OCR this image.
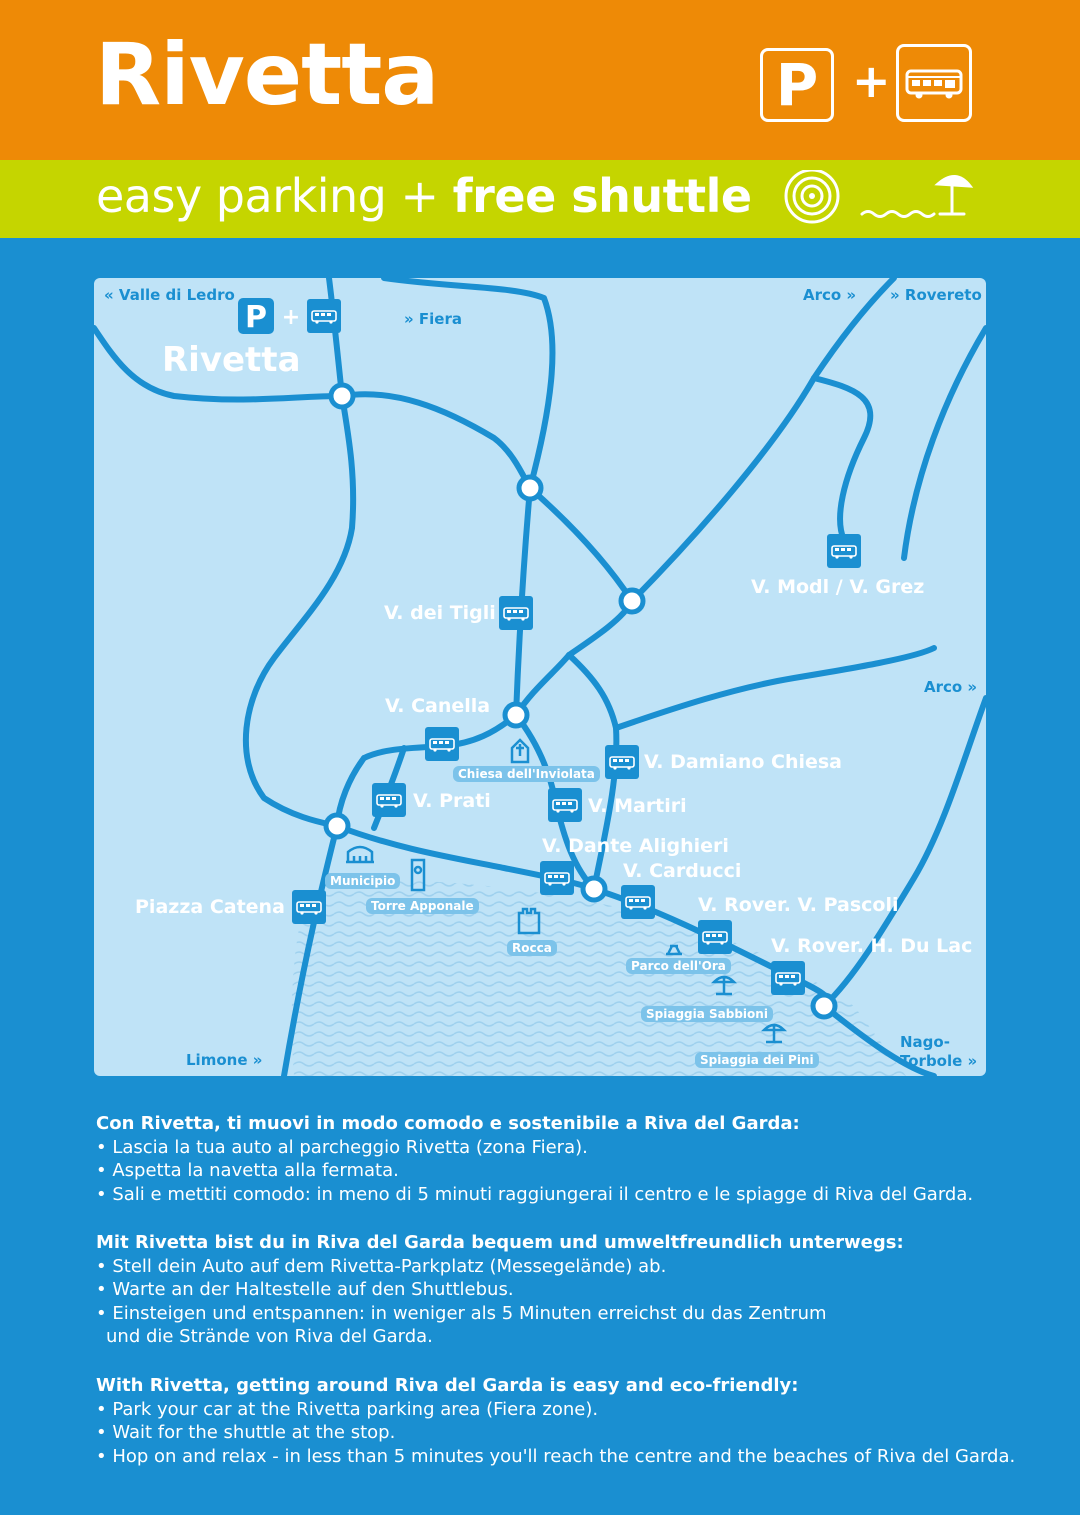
Rivetta	P +
easy parking + free shuttle
P +
« Valle di Ledro
» Fiera
Arco » » Rovereto
Arco »
Limone »
Nago-
Torbole »
Rivetta
V. dei Tigli
V. Modl / V. Grez
V. Canella
V. Prati
V. Damiano Chiesa
V. Martiri
V. Dante Alighieri
V. Carducci
Piazza Catena	V. Rover. V. Pascoli
V. Rover. H. Du Lac
Chiesa dell'Inviolata
Municipio
Torre Apponale
Rocca
Parco dell'Ora
Spiaggia Sabbioni
Spiaggia dei Pini
Con Rivetta, ti muovi in modo comodo e sostenibile a Riva del Garda:
• Lascia la tua auto al parcheggio Rivetta (zona Fiera).
• Aspetta la navetta alla fermata.
• Sali e mettiti comodo: in meno di 5 minuti raggiungerai il centro e le spiagge di Riva del Garda.
Mit Rivetta bist du in Riva del Garda bequem und umweltfreundlich unterwegs:
• Stell dein Auto auf dem Rivetta-Parkplatz (Messegelände) ab.
• Warte an der Haltestelle auf den Shuttlebus.
• Einsteigen und entspannen: in weniger als 5 Minuten erreichst du das Zentrum
und die Strände von Riva del Garda.
With Rivetta, getting around Riva del Garda is easy and eco-friendly:
• Park your car at the Rivetta parking area (Fiera zone).
• Wait for the shuttle at the stop.
• Hop on and relax - in less than 5 minutes you'll reach the centre and the beaches of Riva del Garda.
